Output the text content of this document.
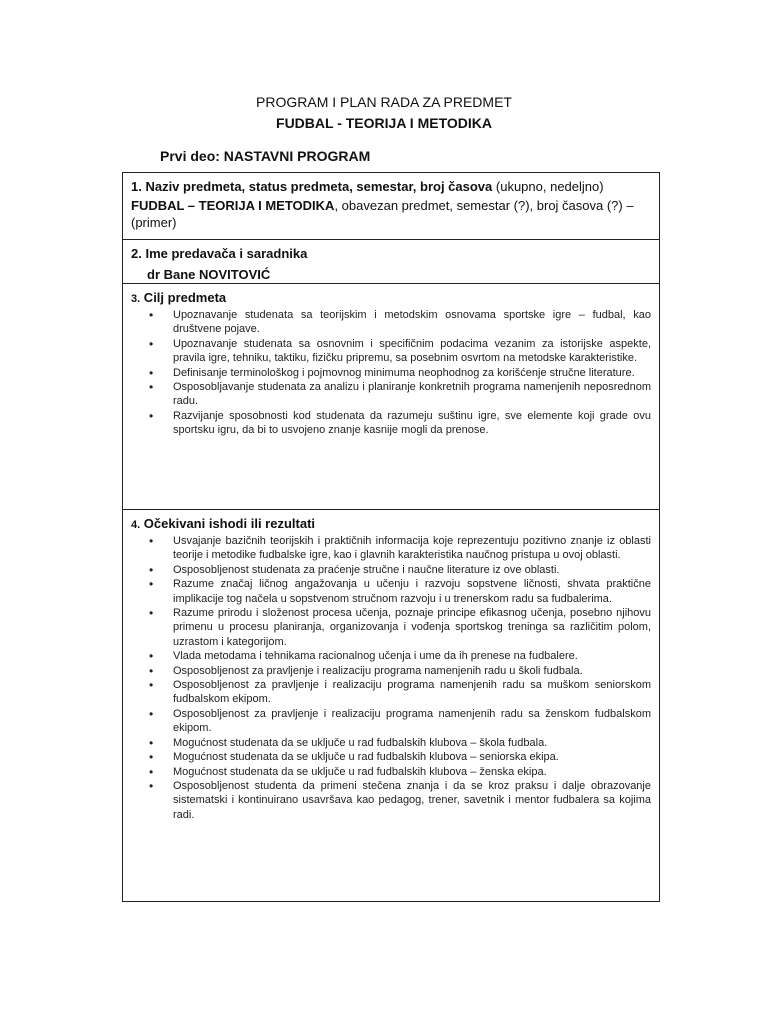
PROGRAM I PLAN RADA ZA PREDMET

FUDBAL - TEORIJA I METODIKA

Prvi deo: NASTAVNI PROGRAM
1. Naziv predmeta, status predmeta, semestar, broj časova (ukupno, nedeljno)
FUDBAL – TEORIJA I METODIKA, obavezan predmet, semestar (?), broj časova (?) – (primer)
2. Ime predavača i saradnika
dr Bane NOVITOVIĆ
3. Cilj predmeta
• Upoznavanje studenata sa teorijskim i metodskim osnovama sportske igre – fudbal, kao društvene pojave.
• Upoznavanje studenata sa osnovnim i specifičnim podacima vezanim za istorijske aspekte, pravila igre, tehniku, taktiku, fizičku pripremu, sa posebnim osvrtom na metodske karakteristike.
• Definisanje terminološkog i pojmovnog minimuma neophodnog za korišćenje stručne literature.
• Osposobljavanje studenata za analizu i planiranje konkretnih programa namenjenih neposrednom radu.
• Razvijanje sposobnosti kod studenata da razumeju suštinu igre, sve elemente koji grade ovu sportsku igru, da bi to usvojeno znanje kasnije mogli da prenose.
4. Očekivani ishodi ili rezultati
• Usvajanje bazičnih teorijskih i praktičnih informacija koje reprezentuju pozitivno znanje iz oblasti teorije i metodike fudbalske igre, kao i glavnih karakteristika naučnog pristupa u ovoj oblasti.
• Osposobljenost studenata za praćenje stručne i naučne literature iz ove oblasti.
• Razume značaj ličnog angažovanja u učenju i razvoju sopstvene ličnosti, shvata praktične implikacije tog načela u sopstvenom stručnom razvoju i u trenerskom radu sa fudbalerima.
• Razume prirodu i složenost procesa učenja, poznaje principe efikasnog učenja, posebno njihovu primenu u procesu planiranja, organizovanja i vođenja sportskog treninga sa različitim polom, uzrastom i kategorijom.
• Vlada metodama i tehnikama racionalnog učenja i ume da ih prenese na fudbalere.
• Osposobljenost za pravljenje i realizaciju programa namenjenih radu u školi fudbala.
• Osposobljenost za pravljenje i realizaciju programa namenjenih radu sa muškom seniorskom fudbalskom ekipom.
• Osposobljenost za pravljenje i realizaciju programa namenjenih radu sa ženskom fudbalskom ekipom.
• Mogućnost studenata da se uključe u rad fudbalskih klubova – škola fudbala.
• Mogućnost studenata da se uključe u rad fudbalskih klubova – seniorska ekipa.
• Mogućnost studenata da se uključe u rad fudbalskih klubova – ženska ekipa.
• Osposobljenost studenta da primeni stečena znanja i da se kroz praksu i dalje obrazovanje sistematski i kontinuirano usavršava kao pedagog, trener, savetnik i mentor fudbalera sa kojima radi.
